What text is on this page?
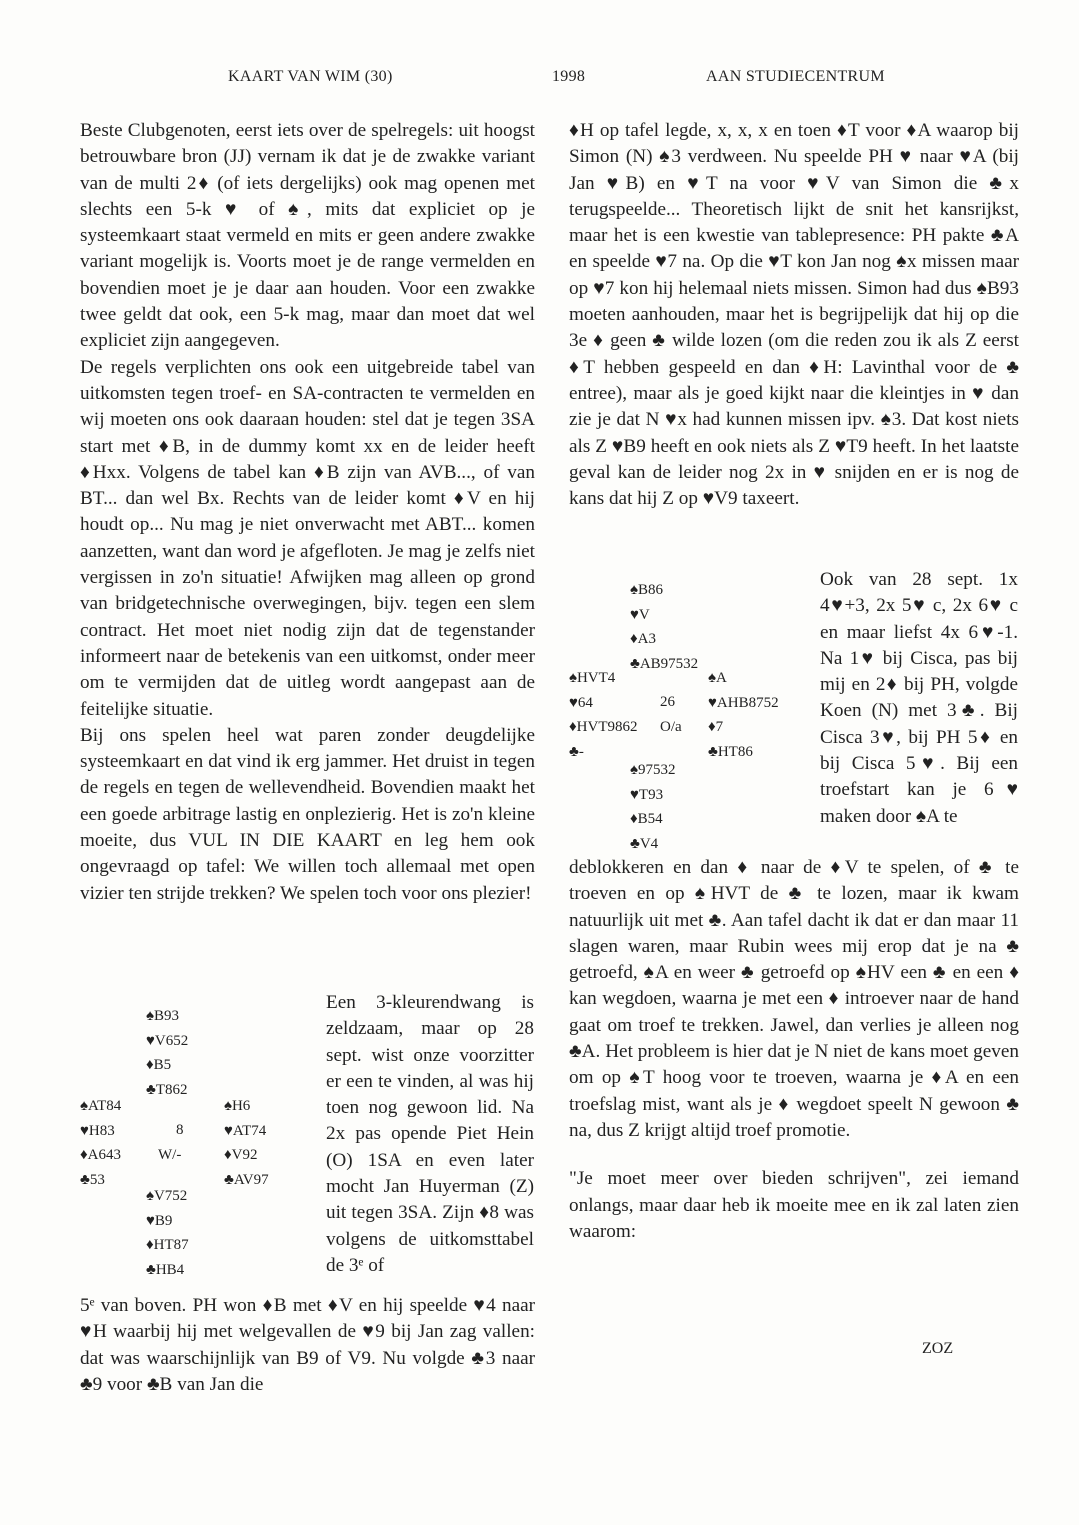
KAART VAN WIM (30)	1998	AAN STUDIECENTRUM

Beste Clubgenoten, eerst iets over de spelregels: uit hoogst betrouwbare bron (JJ) vernam ik dat je de zwakke variant van de multi 2♦ (of iets dergelijks) ook mag openen met slechts een 5-k ♥ of ♠, mits dat expliciet op je systeemkaart staat vermeld en mits er geen andere zwakke variant mogelijk is. Voorts moet je de range vermelden en bovendien moet je je daar aan houden. Voor een zwakke twee geldt dat ook, een 5-k mag, maar dan moet dat wel expliciet zijn aangegeven.

De regels verplichten ons ook een uitgebreide tabel van uitkomsten tegen troef- en SA-contracten te vermelden en wij moeten ons ook daaraan houden: stel dat je tegen 3SA start met ♦B, in de dummy komt xx en de leider heeft ♦Hxx. Volgens de tabel kan ♦B zijn van AVB..., of van BT... dan wel Bx. Rechts van de leider komt ♦V en hij houdt op... Nu mag je niet onverwacht met ABT... komen aanzetten, want dan word je afgefloten. Je mag je zelfs niet vergissen in zo'n situatie! Afwijken mag alleen op grond van bridgetechnische overwegingen, bijv. tegen een slem contract. Het moet niet nodig zijn dat de tegenstander informeert naar de betekenis van een uitkomst, onder meer om te vermijden dat de uitleg wordt aangepast aan de feitelijke situatie.

Bij ons spelen heel wat paren zonder deugdelijke systeemkaart en dat vind ik erg jammer. Het druist in tegen de regels en tegen de wellevendheid. Bovendien maakt het een goede arbitrage lastig en onplezierig. Het is zo'n kleine moeite, dus VUL IN DIE KAART en leg hem ook ongevraagd op tafel: We willen toch allemaal met open vizier ten strijde trekken? We spelen toch voor ons plezier!

♠B93
♥V652
♦B5
♣T862
♠AT84
♥H83
♦A643
♣53
8
W/-
♠H6
♥AT74
♦V92
♣AV97
♠V752
♥B9
♦HT87
♣HB4

Een 3-kleurendwang is zeldzaam, maar op 28 sept. wist onze voorzitter er een te vinden, al was hij toen nog gewoon lid. Na 2x pas opende Piet Hein (O) 1SA en even later mocht Jan Huyerman (Z) uit tegen 3SA. Zijn ♦8 was volgens de uitkomsttabel de 3ᵉ of

5ᵉ van boven. PH won ♦B met ♦V en hij speelde ♥4 naar ♥H waarbij hij met welgevallen de ♥9 bij Jan zag vallen: dat was waarschijnlijk van B9 of V9. Nu volgde ♣3 naar ♣9 voor ♣B van Jan die

♦H op tafel legde, x, x, x en toen ♦T voor ♦A waarop bij Simon (N) ♠3 verdween. Nu speelde PH ♥ naar ♥A (bij Jan ♥B) en ♥T na voor ♥V van Simon die ♣x terugspeelde... Theoretisch lijkt de snit het kansrijkst, maar het is een kwestie van tablepresence: PH pakte ♣A en speelde ♥7 na. Op die ♥T kon Jan nog ♠x missen maar op ♥7 kon hij helemaal niets missen. Simon had dus ♠B93 moeten aanhouden, maar het is begrijpelijk dat hij op die 3e ♦ geen ♣ wilde lozen (om die reden zou ik als Z eerst ♦T hebben gespeeld en dan ♦H: Lavinthal voor de ♣ entree), maar als je goed kijkt naar die kleintjes in ♥ dan zie je dat N ♥x had kunnen missen ipv. ♠3. Dat kost niets als Z ♥B9 heeft en ook niets als Z ♥T9 heeft. In het laatste geval kan de leider nog 2x in ♥ snijden en er is nog de kans dat hij Z op ♥V9 taxeert.

♠B86
♥V
♦A3
♣AB97532
♠HVT4
♥64
♦HVT9862
♣-
26
O/a
♠A
♥AHB8752
♦7
♣HT86
♠97532
♥T93
♦B54
♣V4

Ook van 28 sept. 1x 4♥+3, 2x 5♥ c, 2x 6♥ c en maar liefst 4x 6♥-1. Na 1♥ bij Cisca, pas bij mij en 2♦ bij PH, volgde Koen (N) met 3♣. Bij Cisca 3♥, bij PH 5♦ en bij Cisca 5♥. Bij een troefstart kan je 6♥ maken door ♠A te

deblokkeren en dan ♦ naar de ♦V te spelen, of ♣ te troeven en op ♠HVT de ♣ te lozen, maar ik kwam natuurlijk uit met ♣. Aan tafel dacht ik dat er dan maar 11 slagen waren, maar Rubin wees mij erop dat je na ♣ getroefd, ♠A en weer ♣ getroefd op ♠HV een ♣ en een ♦ kan wegdoen, waarna je met een ♦ introever naar de hand gaat om troef te trekken. Jawel, dan verlies je alleen nog ♣A. Het probleem is hier dat je N niet de kans moet geven om op ♠T hoog voor te troeven, waarna je ♦A en een troefslag mist, want als je ♦ wegdoet speelt N gewoon ♣ na, dus Z krijgt altijd troef promotie.

"Je moet meer over bieden schrijven", zei iemand onlangs, maar daar heb ik moeite mee en ik zal laten zien waarom:

ZOZ
